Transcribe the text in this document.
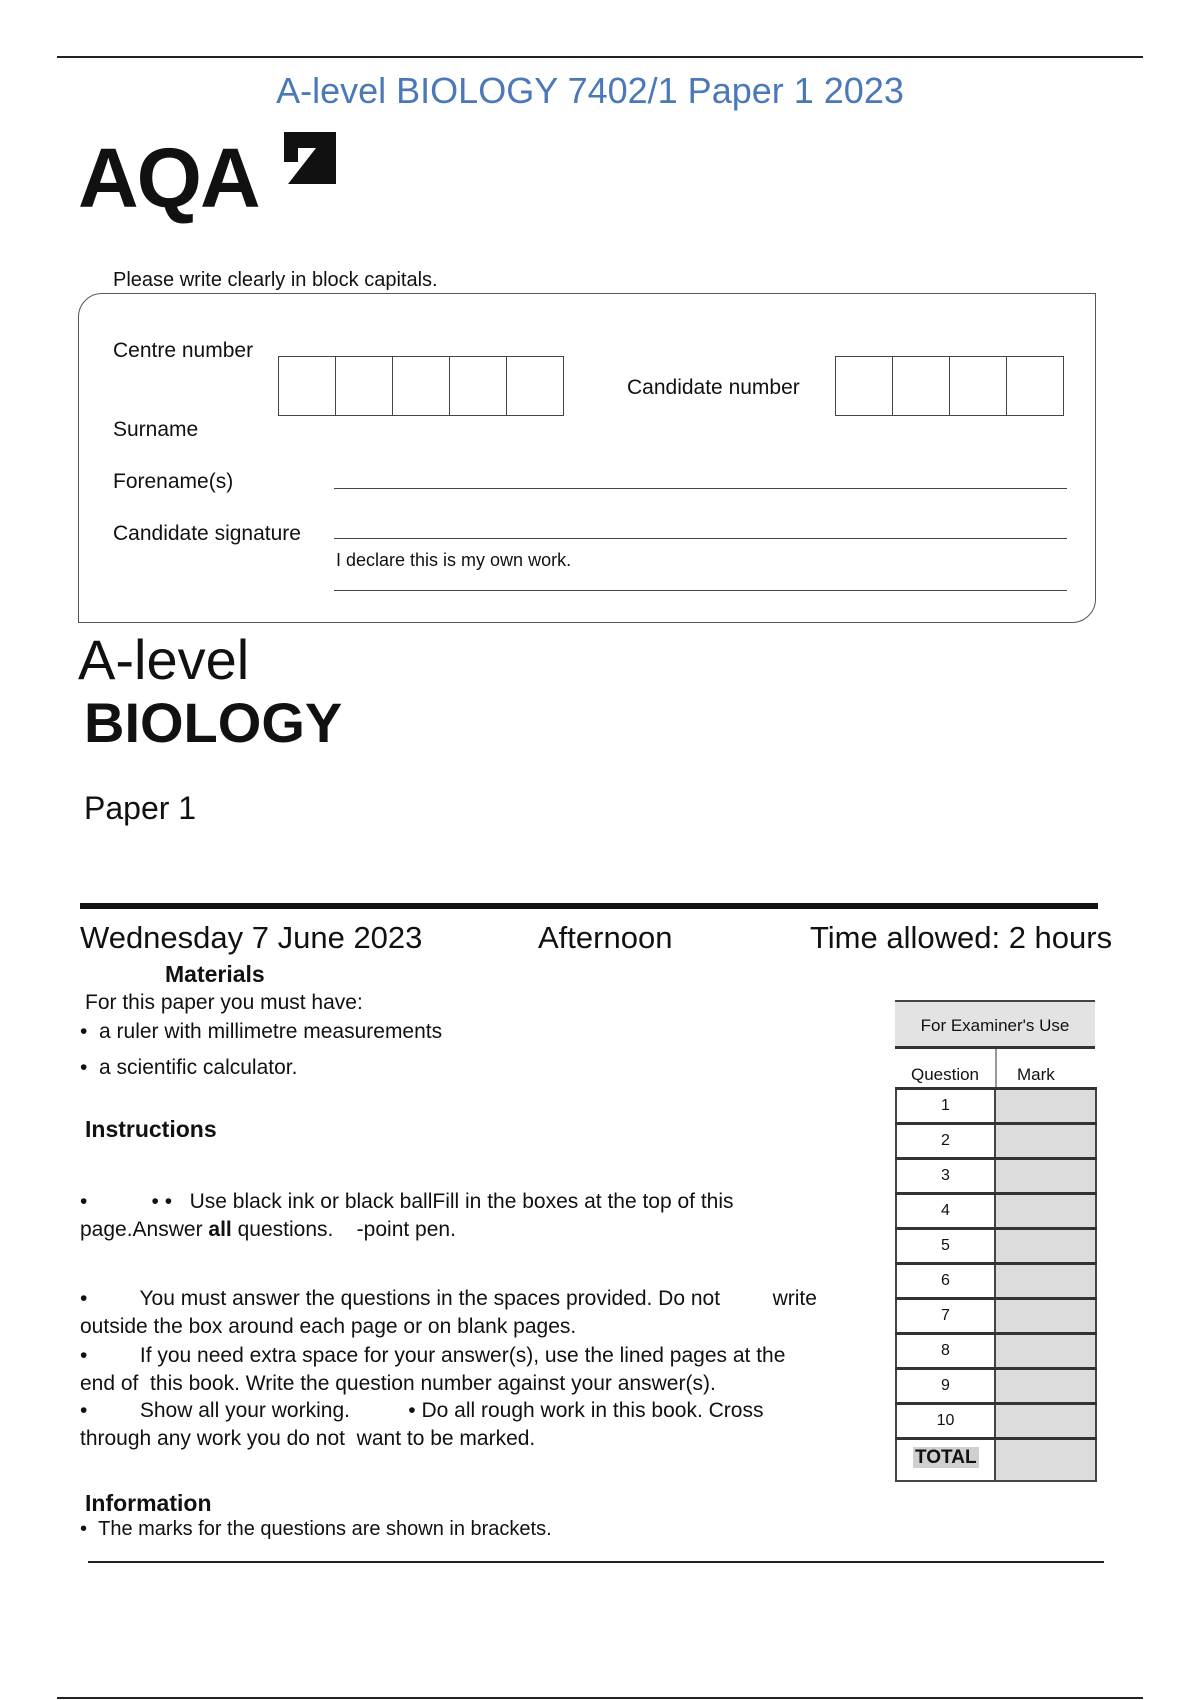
A-level BIOLOGY 7402/1 Paper 1 2023
AQA
Please write clearly in block capitals.
Centre number
Candidate number
Surname
Forename(s)
Candidate signature
I declare this is my own work.
A-level
BIOLOGY
Paper 1
Wednesday 7 June 2023	Afternoon	Time allowed: 2 hours
Materials
For this paper you must have:
•  a ruler with millimetre measurements
•  a scientific calculator.
Instructions
•	• •   Use black ink or black ballFill in the boxes at the top of this
page.Answer all questions.    -point pen.
•         You must answer the questions in the spaces provided. Do not         write
outside the box around each page or on blank pages.
•         If you need extra space for your answer(s), use the lined pages at the
end of  this book. Write the question number against your answer(s).
•         Show all your working.          • Do all rough work in this book. Cross
through any work you do not  want to be marked.
Information
•  The marks for the questions are shown in brackets.
For Examiner's Use
Question	Mark
1
2
3
4
5
6
7
8
9
10
TOTAL
